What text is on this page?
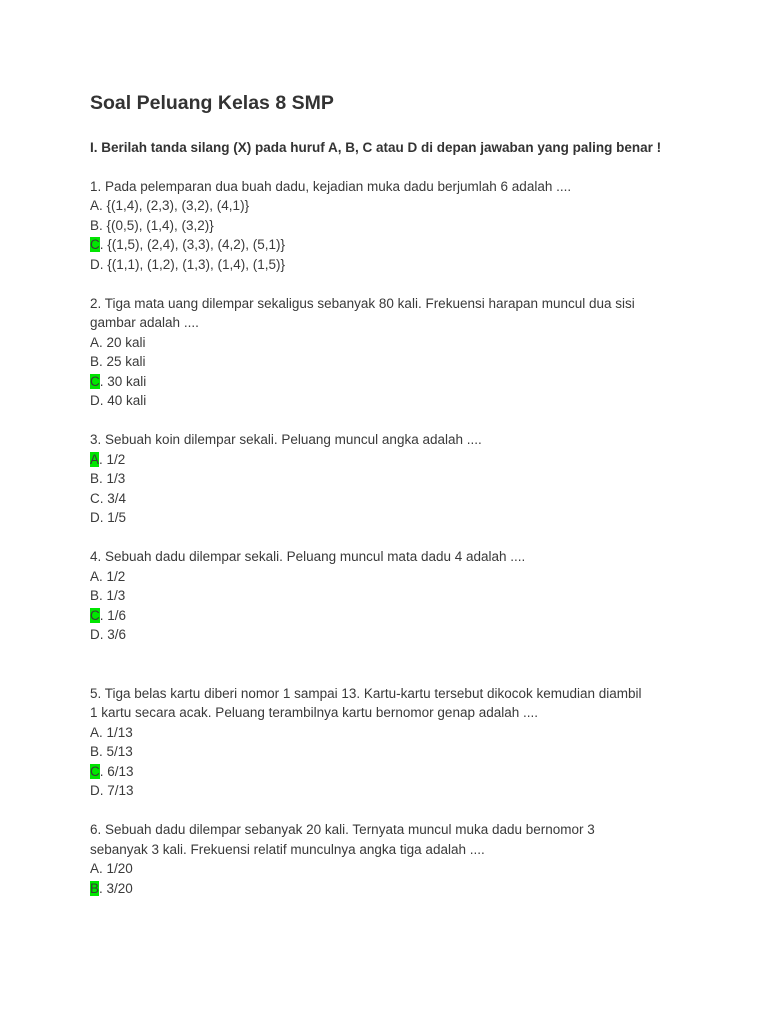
Soal Peluang Kelas 8 SMP
I. Berilah tanda silang (X) pada huruf A, B, C atau D di depan jawaban yang paling benar !
1. Pada pelemparan dua buah dadu, kejadian muka dadu berjumlah 6 adalah ....
A. {(1,4), (2,3), (3,2), (4,1)}
B. {(0,5), (1,4), (3,2)}
C. {(1,5), (2,4), (3,3), (4,2), (5,1)}
D. {(1,1), (1,2), (1,3), (1,4), (1,5)}
2. Tiga mata uang dilempar sekaligus sebanyak 80 kali. Frekuensi harapan muncul dua sisi gambar adalah ....
A. 20 kali
B. 25 kali
C. 30 kali
D. 40 kali
3. Sebuah koin dilempar sekali. Peluang muncul angka adalah ....
A. 1/2
B. 1/3
C. 3/4
D. 1/5
4. Sebuah dadu dilempar sekali. Peluang muncul mata dadu 4 adalah ....
A. 1/2
B. 1/3
C. 1/6
D. 3/6
5. Tiga belas kartu diberi nomor 1 sampai 13. Kartu-kartu tersebut dikocok kemudian diambil 1 kartu secara acak. Peluang terambilnya kartu bernomor genap adalah ....
A. 1/13
B. 5/13
C. 6/13
D. 7/13
6. Sebuah dadu dilempar sebanyak 20 kali. Ternyata muncul muka dadu bernomor 3 sebanyak 3 kali. Frekuensi relatif munculnya angka tiga adalah ....
A. 1/20
B. 3/20
